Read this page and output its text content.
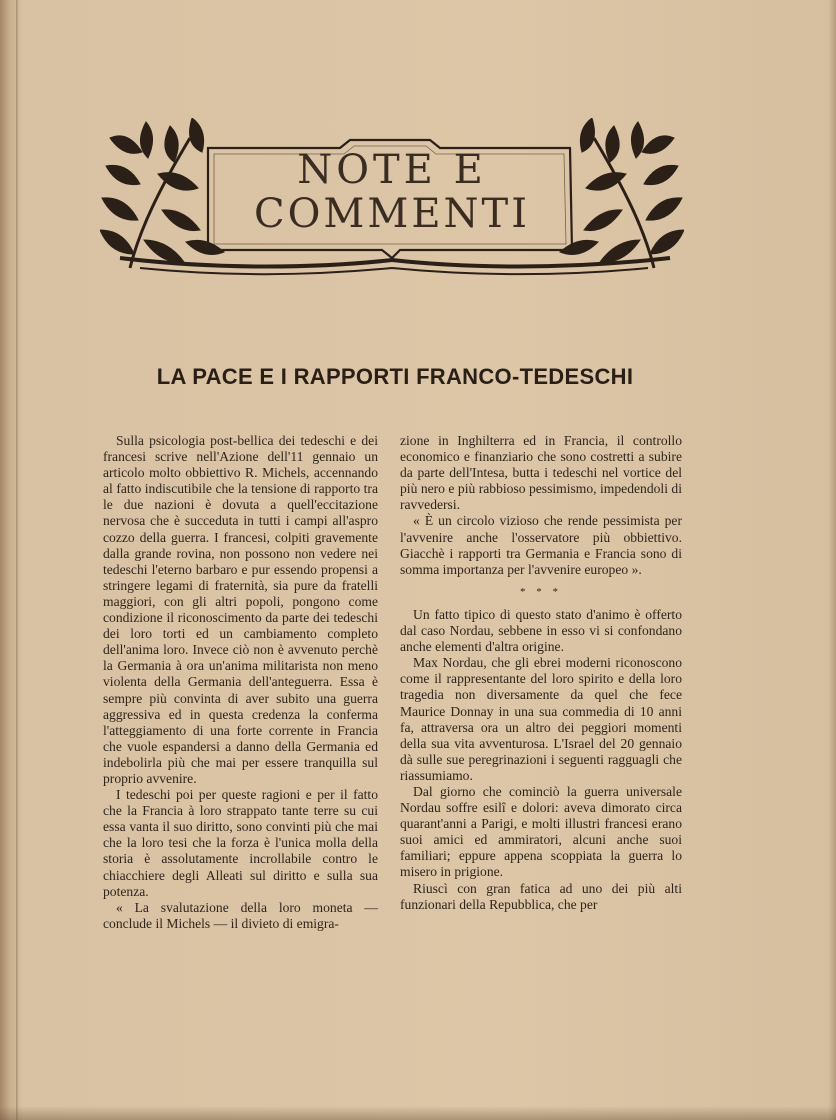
NOTE E
COMMENTI
LA PACE E I RAPPORTI FRANCO-TEDESCHI

Sulla psicologia post-bellica dei tedeschi e dei francesi scrive nell'Azione dell'11 gennaio un articolo molto obbiettivo R. Michels, accennando al fatto indiscutibile che la tensione di rapporto tra le due nazioni è dovuta a quell'eccitazione nervosa che è succeduta in tutti i campi all'aspro cozzo della guerra. I francesi, colpiti gravemente dalla grande rovina, non possono non vedere nei tedeschi l'eterno barbaro e pur essendo propensi a stringere legami di fraternità, sia pure da fratelli maggiori, con gli altri popoli, pongono come condizione il riconoscimento da parte dei tedeschi dei loro torti ed un cambiamento completo dell'anima loro. Invece ciò non è avvenuto perchè la Germania à ora un'anima militarista non meno violenta della Germania dell'anteguerra. Essa è sempre più convinta di aver subito una guerra aggressiva ed in questa credenza la conferma l'atteggiamento di una forte corrente in Francia che vuole espandersi a danno della Germania ed indebolirla più che mai per essere tranquilla sul proprio avvenire.

I tedeschi poi per queste ragioni e per il fatto che la Francia à loro strappato tante terre su cui essa vanta il suo diritto, sono convinti più che mai che la loro tesi che la forza è l'unica molla della storia è assolutamente incrollabile contro le chiacchiere degli Alleati sul diritto e sulla sua potenza.

« La svalutazione della loro moneta — conclude il Michels — il divieto di emigra-

zione in Inghilterra ed in Francia, il controllo economico e finanziario che sono costretti a subire da parte dell'Intesa, butta i tedeschi nel vortice del più nero e più rabbioso pessimismo, impedendoli di ravvedersi.

« È un circolo vizioso che rende pessimista per l'avvenire anche l'osservatore più obbiettivo. Giacchè i rapporti tra Germania e Francia sono di somma importanza per l'avvenire europeo ».

* * *

Un fatto tipico di questo stato d'animo è offerto dal caso Nordau, sebbene in esso vi si confondano anche elementi d'altra origine.

Max Nordau, che gli ebrei moderni riconoscono come il rappresentante del loro spirito e della loro tragedia non diversamente da quel che fece Maurice Donnay in una sua commedia di 10 anni fa, attraversa ora un altro dei peggiori momenti della sua vita avventurosa. L'Israel del 20 gennaio dà sulle sue peregrinazioni i seguenti ragguagli che riassumiamo.

Dal giorno che cominciò la guerra universale Nordau soffre esilî e dolori: aveva dimorato circa quarant'anni a Parigi, e molti illustri francesi erano suoi amici ed ammiratori, alcuni anche suoi familiari; eppure appena scoppiata la guerra lo misero in prigione.

Riuscì con gran fatica ad uno dei più alti funzionari della Repubblica, che per
